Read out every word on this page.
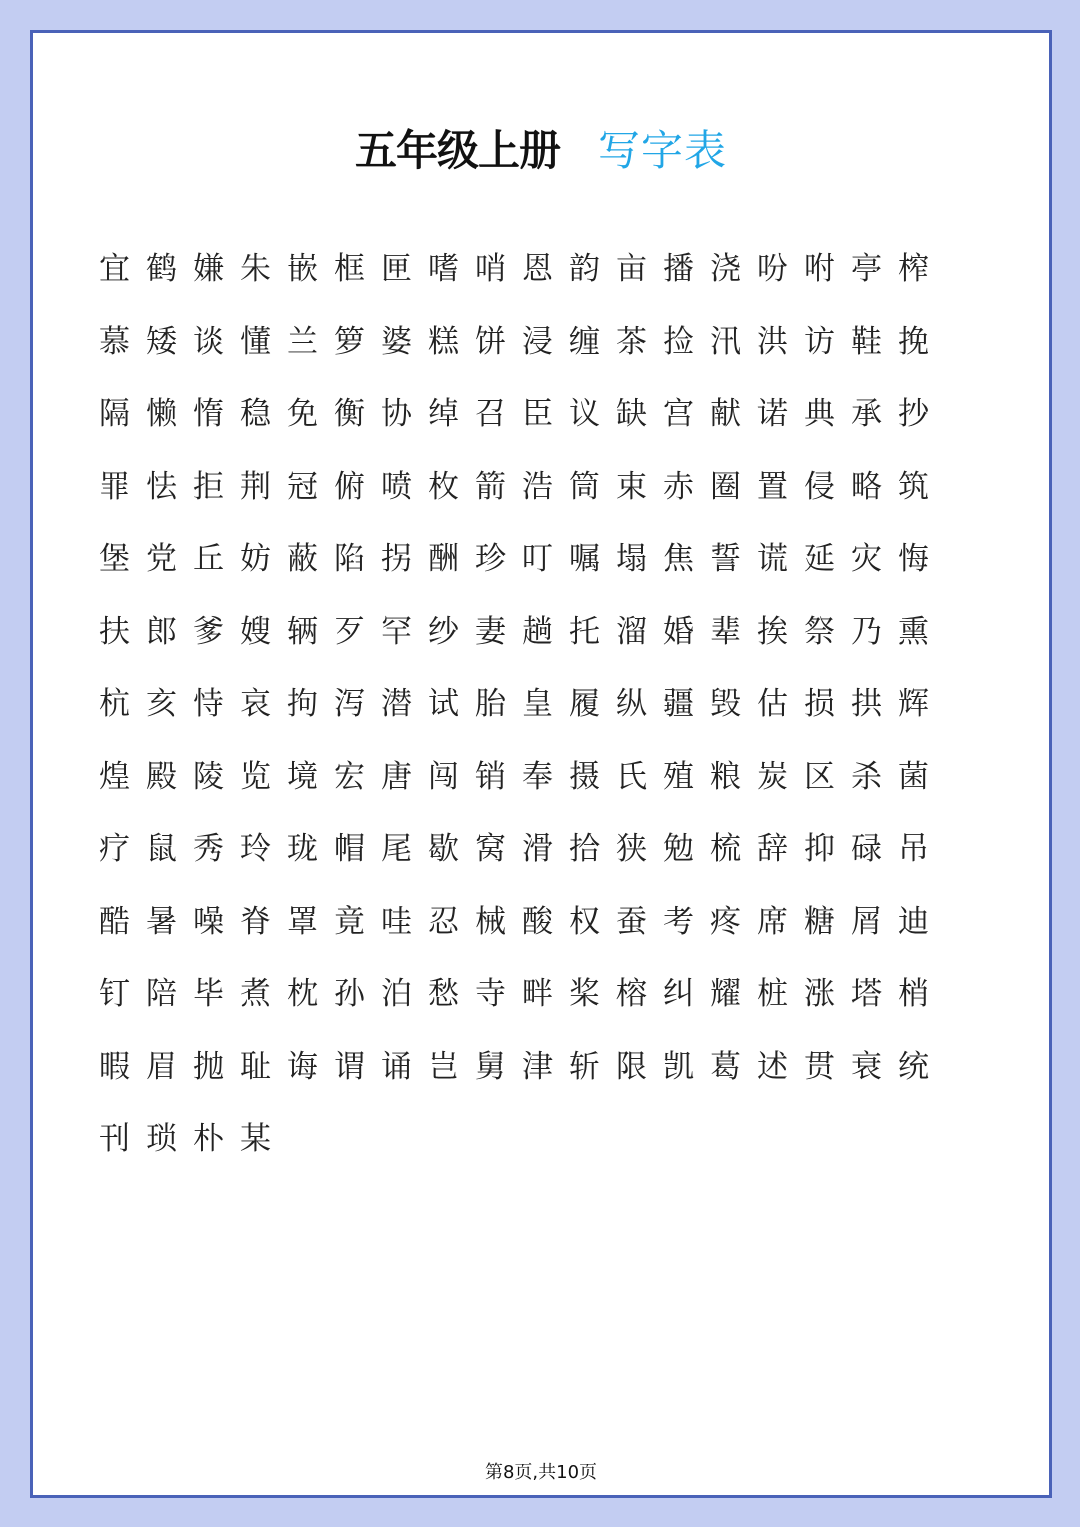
五年级上册 写字表
宜 鹤 嫌 朱 嵌 框 匣 嗜 哨 恩 韵 亩 播 浇 吩 咐 亭 榨
慕 矮 谈 懂 兰 箩 婆 糕 饼 浸 缠 茶 捡 汛 洪 访 鞋 挽
隔 懒 惰 稳 免 衡 协 绰 召 臣 议 缺 宫 献 诺 典 承 抄
罪 怯 拒 荆 冠 俯 喷 枚 箭 浩 筒 束 赤 圈 置 侵 略 筑
堡 党 丘 妨 蔽 陷 拐 酬 珍 叮 嘱 塌 焦 誓 谎 延 灾 悔
扶 郎 爹 嫂 辆 歹 罕 纱 妻 趟 托 溜 婚 辈 挨 祭 乃 熏
杭 亥 恃 哀 拘 泻 潜 试 胎 皇 履 纵 疆 毁 估 损 拱 辉
煌 殿 陵 览 境 宏 唐 闯 销 奉 摄 氏 殖 粮 炭 区 杀 菌
疗 鼠 秀 玲 珑 帽 尾 歇 窝 滑 拾 狭 勉 梳 辞 抑 碌 吊
酷 暑 噪 脊 罩 竟 哇 忍 械 酸 权 蚕 考 疼 席 糖 屑 迪
钉 陪 毕 煮 枕 孙 泊 愁 寺 畔 桨 榕 纠 耀 桩 涨 塔 梢
暇 眉 抛 耻 诲 谓 诵 岂 舅 津 斩 限 凯 葛 述 贯 衰 统
刊 琐 朴 某
第8页,共10页
